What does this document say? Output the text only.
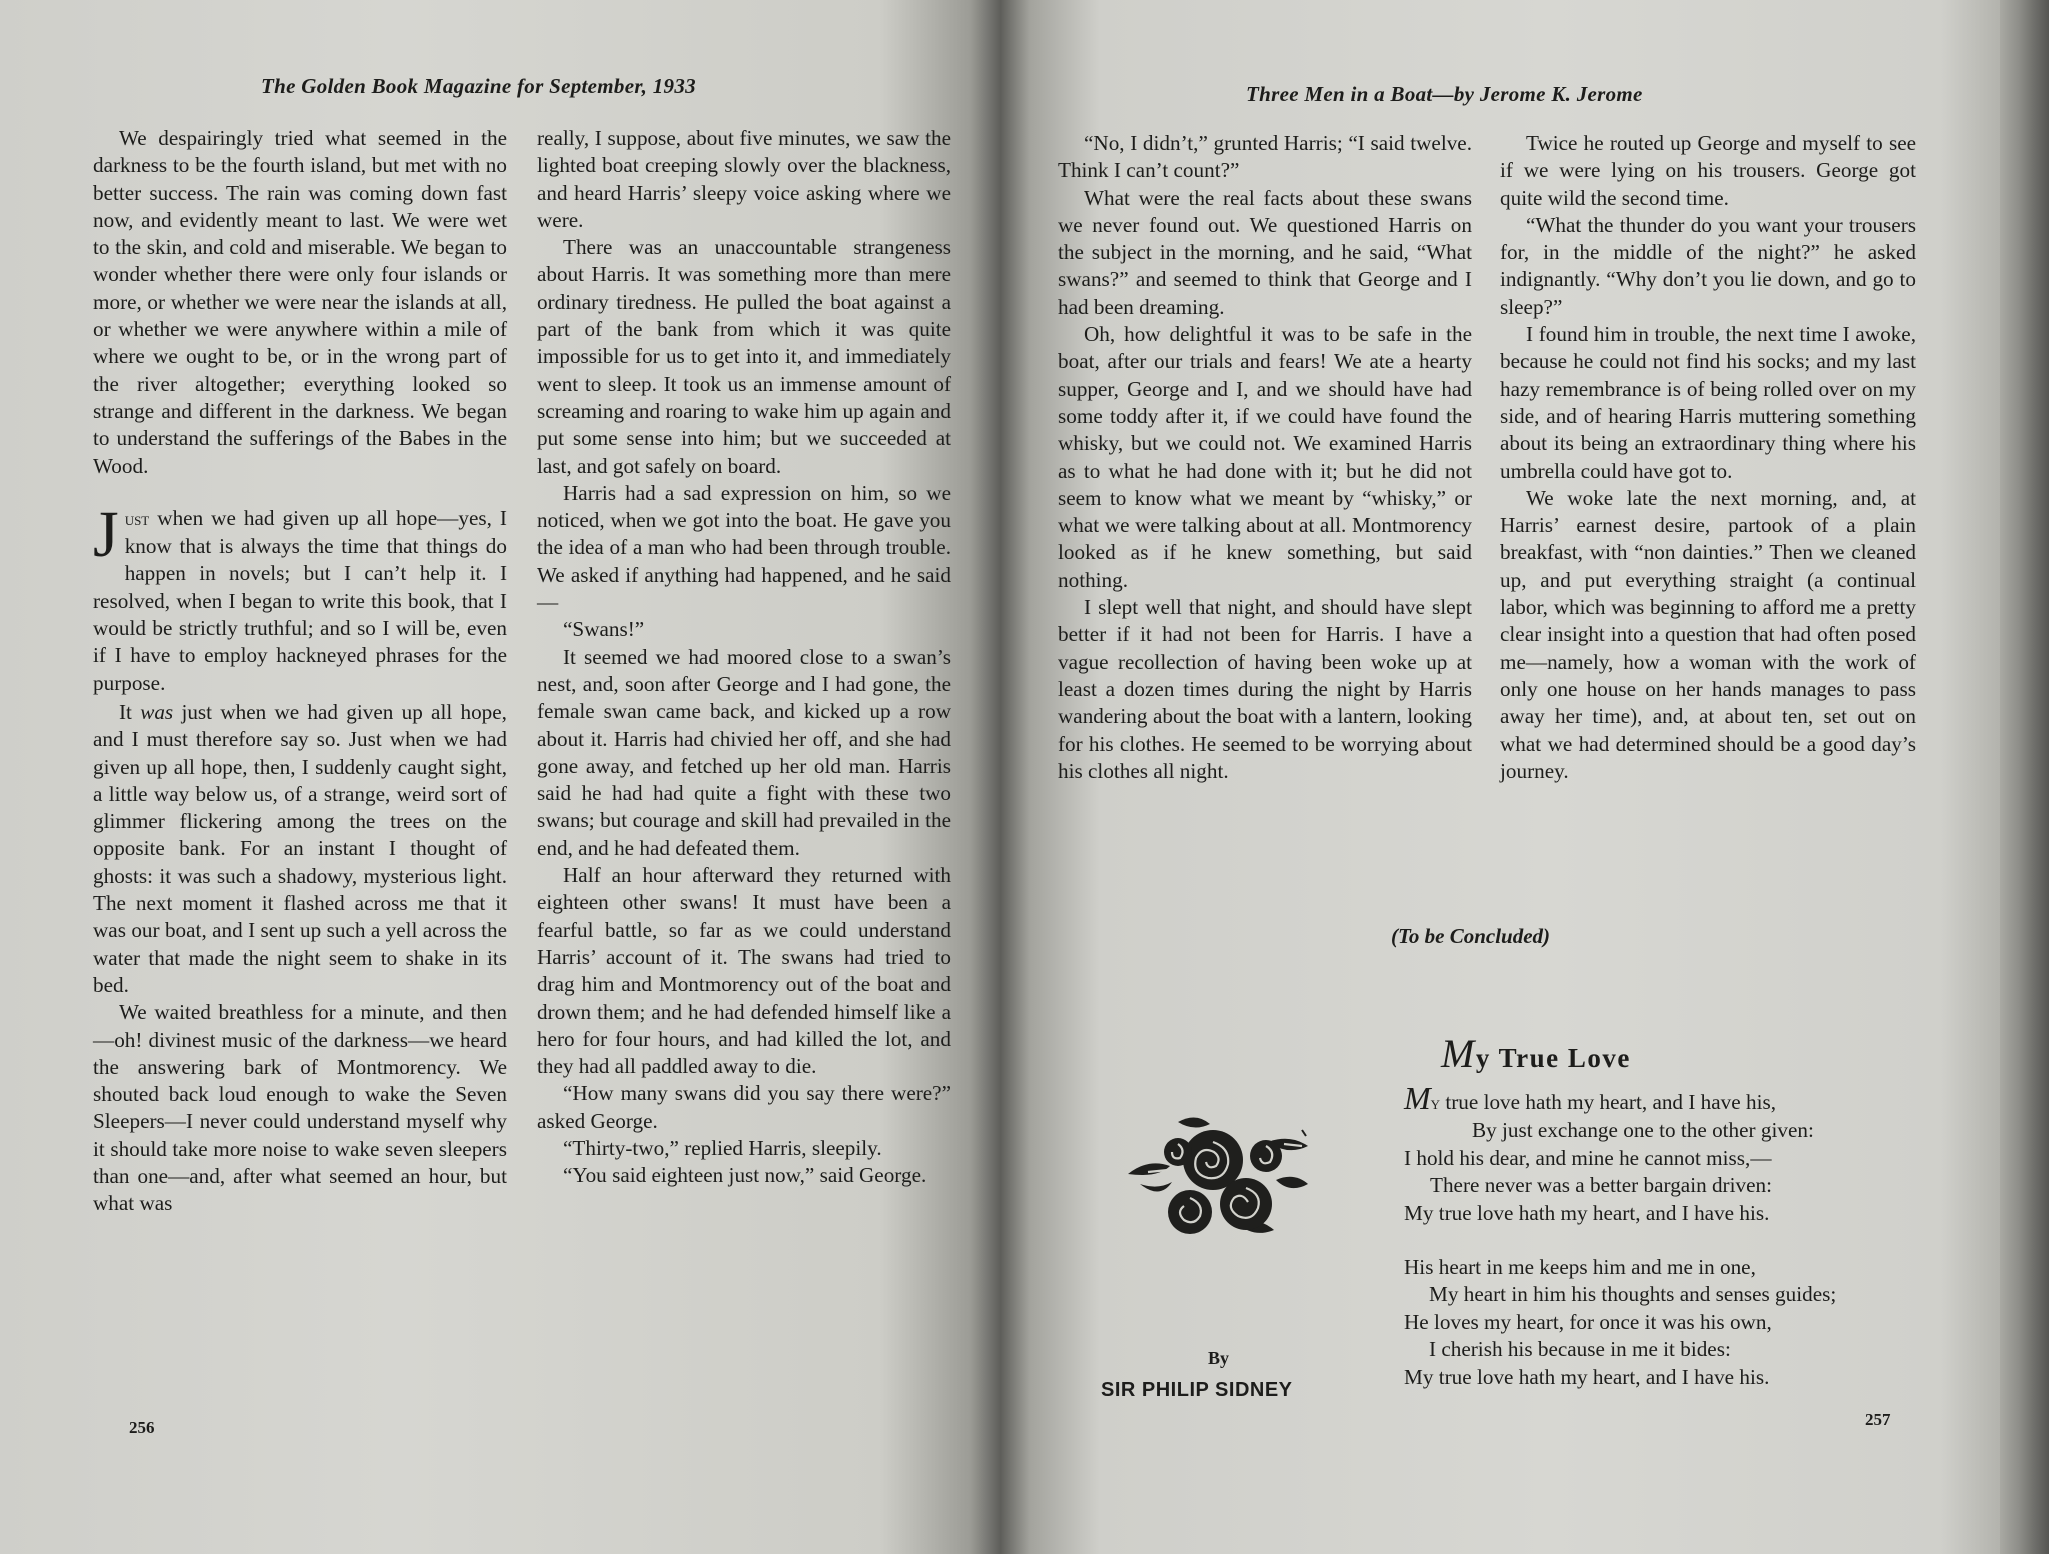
The Golden Book Magazine for September, 1933

We despairingly tried what seemed in the darkness to be the fourth island, but met with no better success. The rain was coming down fast now, and evidently meant to last. We were wet to the skin, and cold and miserable. We began to wonder whether there were only four islands or more, or whether we were near the islands at all, or whether we were anywhere within a mile of where we ought to be, or in the wrong part of the river altogether; everything looked so strange and different in the darkness. We began to understand the sufferings of the Babes in the Wood.

Just when we had given up all hope—yes, I know that is always the time that things do happen in novels; but I can’t help it. I resolved, when I began to write this book, that I would be strictly truthful; and so I will be, even if I have to employ hackneyed phrases for the purpose.

It was just when we had given up all hope, and I must therefore say so. Just when we had given up all hope, then, I suddenly caught sight, a little way below us, of a strange, weird sort of glimmer flickering among the trees on the opposite bank. For an instant I thought of ghosts: it was such a shadowy, mysterious light. The next moment it flashed across me that it was our boat, and I sent up such a yell across the water that made the night seem to shake in its bed.

We waited breathless for a minute, and then—oh! divinest music of the darkness—we heard the answering bark of Montmorency. We shouted back loud enough to wake the Seven Sleepers—I never could understand myself why it should take more noise to wake seven sleepers than one—and, after what seemed an hour, but what was

really, I suppose, about five minutes, we saw the lighted boat creeping slowly over the blackness, and heard Harris’ sleepy voice asking where we were.

There was an unaccountable strangeness about Harris. It was something more than mere ordinary tiredness. He pulled the boat against a part of the bank from which it was quite impossible for us to get into it, and immediately went to sleep. It took us an immense amount of screaming and roaring to wake him up again and put some sense into him; but we succeeded at last, and got safely on board.

Harris had a sad expression on him, so we noticed, when we got into the boat. He gave you the idea of a man who had been through trouble. We asked if anything had happened, and he said—

“Swans!”

It seemed we had moored close to a swan’s nest, and, soon after George and I had gone, the female swan came back, and kicked up a row about it. Harris had chivied her off, and she had gone away, and fetched up her old man. Harris said he had had quite a fight with these two swans; but courage and skill had prevailed in the end, and he had defeated them.

Half an hour afterward they returned with eighteen other swans! It must have been a fearful battle, so far as we could understand Harris’ account of it. The swans had tried to drag him and Montmorency out of the boat and drown them; and he had defended himself like a hero for four hours, and had killed the lot, and they had all paddled away to die.

“How many swans did you say there were?” asked George.

“Thirty-two,” replied Harris, sleepily.

“You said eighteen just now,” said George.

256
Three Men in a Boat—by Jerome K. Jerome

“No, I didn’t,” grunted Harris; “I said twelve. Think I can’t count?”

What were the real facts about these swans we never found out. We questioned Harris on the subject in the morning, and he said, “What swans?” and seemed to think that George and I had been dreaming.

Oh, how delightful it was to be safe in the boat, after our trials and fears! We ate a hearty supper, George and I, and we should have had some toddy after it, if we could have found the whisky, but we could not. We examined Harris as to what he had done with it; but he did not seem to know what we meant by “whisky,” or what we were talking about at all. Montmorency looked as if he knew something, but said nothing.

I slept well that night, and should have slept better if it had not been for Harris. I have a vague recollection of having been woke up at least a dozen times during the night by Harris wandering about the boat with a lantern, looking for his clothes. He seemed to be worrying about his clothes all night.

Twice he routed up George and myself to see if we were lying on his trousers. George got quite wild the second time.

“What the thunder do you want your trousers for, in the middle of the night?” he asked indignantly. “Why don’t you lie down, and go to sleep?”

I found him in trouble, the next time I awoke, because he could not find his socks; and my last hazy remembrance is of being rolled over on my side, and of hearing Harris muttering something about its being an extraordinary thing where his umbrella could have got to.

We woke late the next morning, and, at Harris’ earnest desire, partook of a plain breakfast, with “non dainties.” Then we cleaned up, and put everything straight (a continual labor, which was beginning to afford me a pretty clear insight into a question that had often posed me—namely, how a woman with the work of only one house on her hands manages to pass away her time), and, at about ten, set out on what we had determined should be a good day’s journey.

(To be Concluded)
My True Love
By
SIR PHILIP SIDNEY
My true love hath my heart, and I have his,
By just exchange one to the other given:
I hold his dear, and mine he cannot miss,—
There never was a better bargain driven:
My true love hath my heart, and I have his.
His heart in me keeps him and me in one,
My heart in him his thoughts and senses guides;
He loves my heart, for once it was his own,
I cherish his because in me it bides:
My true love hath my heart, and I have his.
257
